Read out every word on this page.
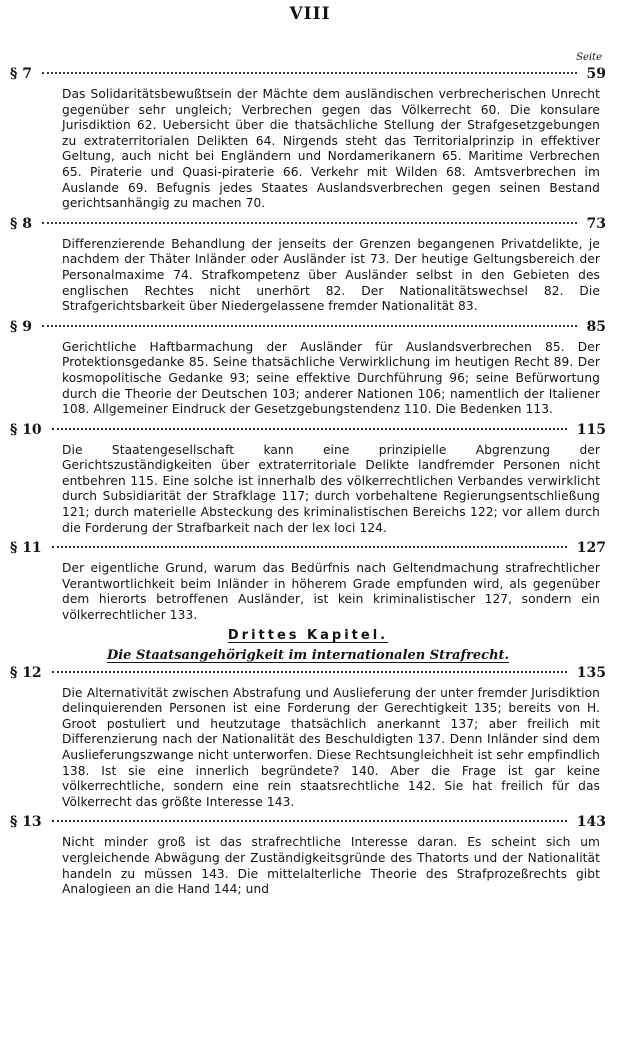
VIII
Seite
§ 7	59
Das Solidaritätsbewußtsein der Mächte dem ausländischen verbrecherischen Unrecht gegenüber sehr ungleich; Verbrechen gegen das Völkerrecht 60. Die konsulare Jurisdiktion 62. Uebersicht über die thatsächliche Stellung der Strafgesetzgebungen zu extraterritorialen Delikten 64. Nirgends steht das Territorialprinzip in effektiver Geltung, auch nicht bei Engländern und Nordamerikanern 65. Maritime Verbrechen 65. Piraterie und Quasi-piraterie 66. Verkehr mit Wilden 68. Amtsverbrechen im Auslande 69. Befugnis jedes Staates Auslandsverbrechen gegen seinen Bestand gerichtsanhängig zu machen 70.
§ 8	73
Differenzierende Behandlung der jenseits der Grenzen begangenen Privatdelikte, je nachdem der Thäter Inländer oder Ausländer ist 73. Der heutige Geltungsbereich der Personalmaxime 74. Strafkompetenz über Ausländer selbst in den Gebieten des englischen Rechtes nicht unerhört 82. Der Nationalitätswechsel 82. Die Strafgerichtsbarkeit über Niedergelassene fremder Nationalität 83.
§ 9	85
Gerichtliche Haftbarmachung der Ausländer für Auslandsverbrechen 85. Der Protektionsgedanke 85. Seine thatsächliche Verwirklichung im heutigen Recht 89. Der kosmopolitische Gedanke 93; seine effektive Durchführung 96; seine Befürwortung durch die Theorie der Deutschen 103; anderer Nationen 106; namentlich der Italiener 108. Allgemeiner Eindruck der Gesetzgebungstendenz 110. Die Bedenken 113.
§ 10	115
Die Staatengesellschaft kann eine prinzipielle Abgrenzung der Gerichtszuständigkeiten über extraterritoriale Delikte landfremder Personen nicht entbehren 115. Eine solche ist innerhalb des völkerrechtlichen Verbandes verwirklicht durch Subsidiarität der Strafklage 117; durch vorbehaltene Regierungsentschließung 121; durch materielle Absteckung des kriminalistischen Bereichs 122; vor allem durch die Forderung der Strafbarkeit nach der lex loci 124.
§ 11	127
Der eigentliche Grund, warum das Bedürfnis nach Geltendmachung strafrechtlicher Verantwortlichkeit beim Inländer in höherem Grade empfunden wird, als gegenüber dem hierorts betroffenen Ausländer, ist kein kriminalistischer 127, sondern ein völkerrechtlicher 133.
Drittes Kapitel.
Die Staatsangehörigkeit im internationalen Strafrecht.
§ 12	135
Die Alternativität zwischen Abstrafung und Auslieferung der unter fremder Jurisdiktion delinquierenden Personen ist eine Forderung der Gerechtigkeit 135; bereits von H. Groot postuliert und heutzutage thatsächlich anerkannt 137; aber freilich mit Differenzierung nach der Nationalität des Beschuldigten 137. Denn Inländer sind dem Auslieferungszwange nicht unterworfen. Diese Rechtsungleichheit ist sehr empfindlich 138. Ist sie eine innerlich begründete? 140. Aber die Frage ist gar keine völkerrechtliche, sondern eine rein staatsrechtliche 142. Sie hat freilich für das Völkerrecht das größte Interesse 143.
§ 13	143
Nicht minder groß ist das strafrechtliche Interesse daran. Es scheint sich um vergleichende Abwägung der Zuständigkeitsgründe des Thatorts und der Nationalität handeln zu müssen 143. Die mittelalterliche Theorie des Strafprozeßrechts gibt Analogieen an die Hand 144; und
